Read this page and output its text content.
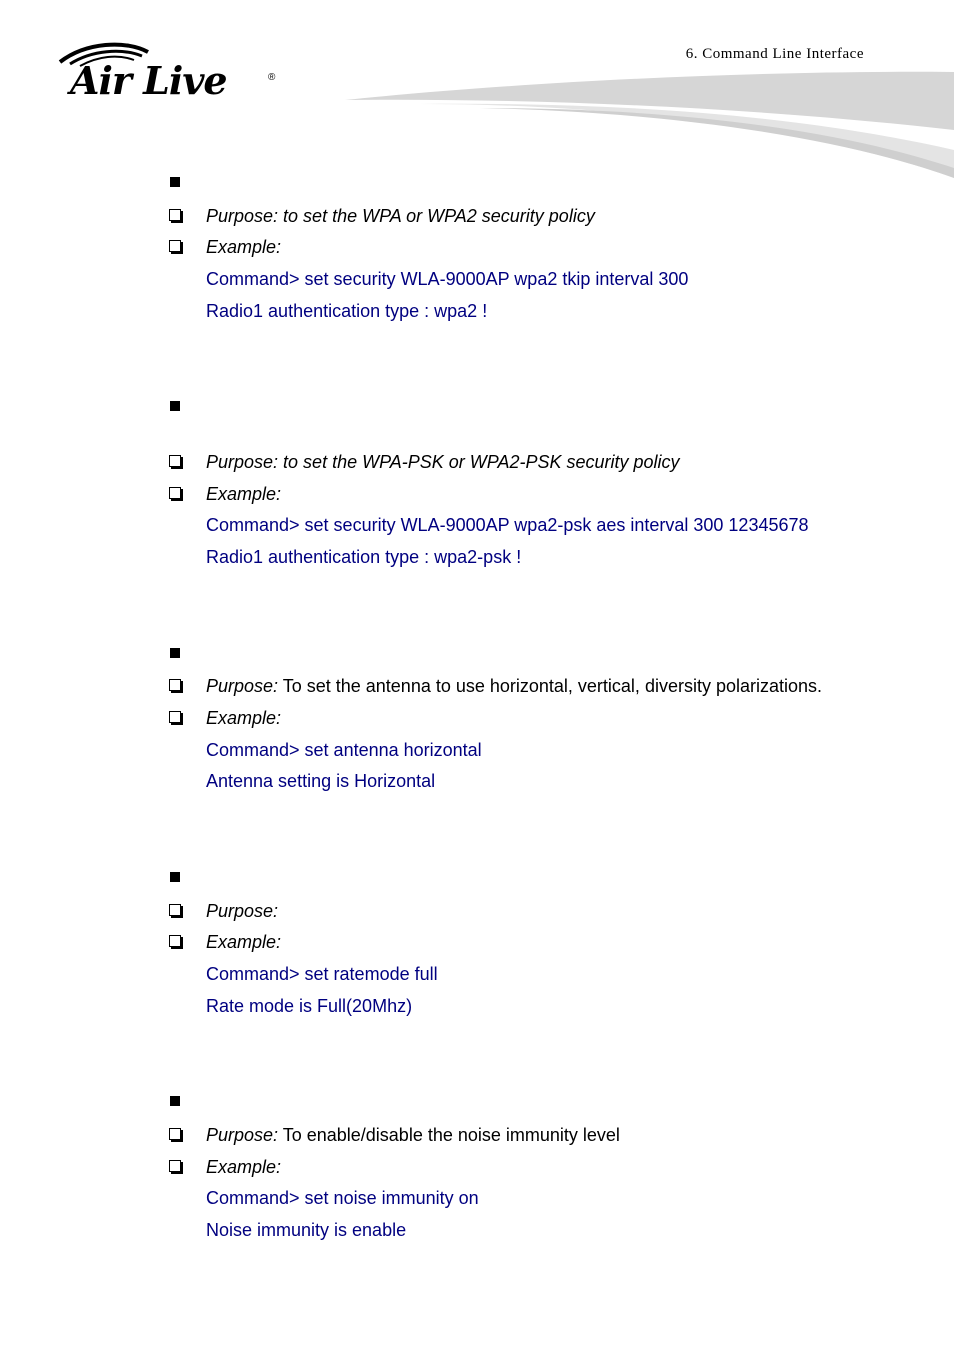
Air Live	®
6. Command Line Interface
Purpose: to set the WPA or WPA2 security policy
Example:
Command> set security WLA-9000AP wpa2 tkip interval 300
Radio1 authentication type : wpa2 !
Purpose: to set the WPA-PSK or WPA2-PSK security policy
Example:
Command> set security WLA-9000AP wpa2-psk aes interval 300 12345678
Radio1 authentication type : wpa2-psk !
Purpose: To set the antenna to use horizontal, vertical, diversity polarizations.
Example:
Command> set antenna horizontal
Antenna setting is Horizontal
Purpose:
Example:
Command> set ratemode full
Rate mode is Full(20Mhz)
Purpose: To enable/disable the noise immunity level
Example:
Command> set noise immunity on
Noise immunity is enable
